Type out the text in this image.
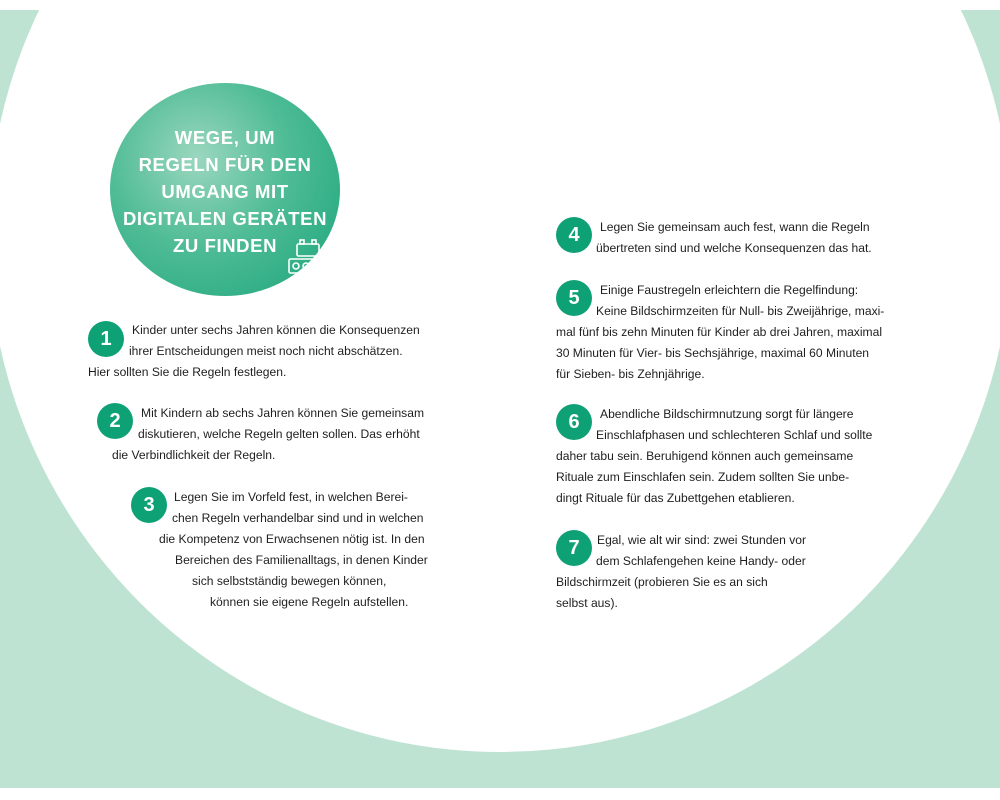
WEGE, UM
REGELN FÜR DEN
UMGANG MIT
DIGITALEN GERÄTEN
ZU FINDEN
1	Kinder unter sechs Jahren können die Konsequenzen
ihrer Entscheidungen meist noch nicht abschätzen.
Hier sollten Sie die Regeln festlegen.
2	Mit Kindern ab sechs Jahren können Sie gemeinsam
diskutieren, welche Regeln gelten sollen. Das erhöht
die Verbindlichkeit der Regeln.
3	Legen Sie im Vorfeld fest, in welchen Berei-
chen Regeln verhandelbar sind und in welchen
die Kompetenz von Erwachsenen nötig ist. In den
Bereichen des Familienalltags, in denen Kinder
sich selbstständig bewegen können,
können sie eigene Regeln aufstellen.
4	Legen Sie gemeinsam auch fest, wann die Regeln
übertreten sind und welche Konsequenzen das hat.
5	Einige Faustregeln erleichtern die Regelfindung:
Keine Bildschirmzeiten für Null- bis Zweijährige, maxi-
mal fünf bis zehn Minuten für Kinder ab drei Jahren, maximal
30 Minuten für Vier- bis Sechsjährige, maximal 60 Minuten
für Sieben- bis Zehnjährige.
6	Abendliche Bildschirmnutzung sorgt für längere
Einschlafphasen und schlechteren Schlaf und sollte
daher tabu sein. Beruhigend können auch gemeinsame
Rituale zum Einschlafen sein. Zudem sollten Sie unbe-
dingt Rituale für das Zubettgehen etablieren.
7	Egal, wie alt wir sind: zwei Stunden vor
dem Schlafengehen keine Handy- oder
Bildschirmzeit (probieren Sie es an sich
selbst aus).
